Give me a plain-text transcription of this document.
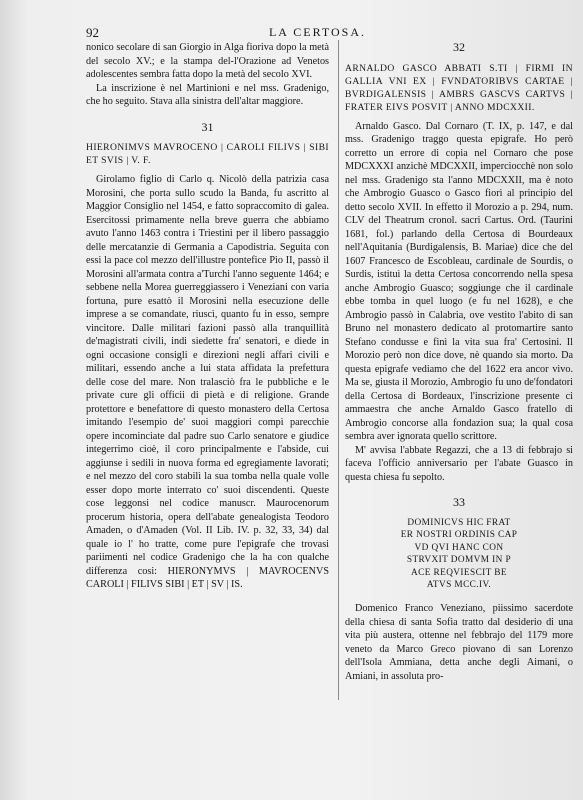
92	LA CERTOSA.

nonico secolare di san Giorgio in Alga fioriva dopo la metà del secolo XV.; e la stampa del-l'Orazione ad Venetos adolescentes sembra fatta dopo la metà del secolo XVI.

La inscrizione è nel Martinioni e nel mss. Gradenigo, che ho seguito. Stava alla sinistra dell'altar maggiore.

31
HIERONIMVS MAVROCENO | CAROLI FILIVS | SIBI ET SVIS | V. F.

Girolamo figlio di Carlo q. Nicolò della patrizia casa Morosini, che porta sullo scudo la Banda, fu ascritto al Maggior Consiglio nel 1454, e fatto sopraccomito di galea. Esercitossi primamente nella breve guerra che abbiamo avuto l'anno 1463 contra i Triestini per il libero passaggio delle mercatanzie di Germania a Capodistria. Seguita con essi la pace col mezzo dell'illustre pontefice Pio II, passò il Morosini all'armata contra a'Turchi l'anno seguente 1464; e sebbene nella Morea guerreggiassero i Veneziani con varia fortuna, pure esattò il Morosini nella esecuzione delle imprese a se comandate, riuscì, quanto fu in esso, sempre vincitore. Dalle militari fazioni passò alla tranquillità de'magistrati civili, indi siedette fra' senatori, e diede in ogni occasione consigli e direzioni negli affari civili e militari, essendo anche a lui stata affidata la prefettura delle cose del mare. Non tralasciò fra le pubbliche e le private cure gli officii di pietà e di religione. Grande protettore e benefattore di questo monastero della Certosa imitando l'esempio de' suoi maggiori compì parecchie opere incominciate dal padre suo Carlo senatore e giudice integerrimo cioè, il coro principalmente e l'abside, cui aggiunse i sedili in nuova forma ed egregiamente lavorati; e nel mezzo del coro stabilì la sua tomba nella quale volle esser dopo morte interrato co' suoi discendenti. Queste cose leggonsi nel codice manuscr. Maurocenorum procerum historia, opera dell'abate genealogista Teodoro Amaden, o d'Amaden (Vol. II Lib. IV. p. 32, 33, 34) dal quale io l' ho tratte, come pure l'epigrafe che trovasi pariimenti nel codice Gradenigo che la ha con qualche differenza cosi: HIERONYMVS | MAVROCENVS CAROLI | FILIVS SIBI | ET | SV | IS.

32
ARNALDO GASCO ABBATI S.TI | FIRMI IN GALLIA VNI EX | FVNDATORIBVS CARTAE | BVRDIGALENSIS | AMBRS GASCVS CARTVS | FRATER EIVS POSVIT | ANNO MDCXXII.

Arnaldo Gasco. Dal Cornaro (T. IX, p. 147, e dal mss. Gradenigo traggo questa epigrafe. Ho però corretto un errore di copia nel Cornaro che pose MDCXXXI anzichè MDCXXII, imperciocchè non solo nel mss. Gradenigo sta l'anno MDCXXII, ma è noto che Ambrogio Guasco o Gasco fiorì al principio del detto secolo XVII. In effetto il Morozio a p. 294, num. CLV del Theatrum cronol. sacri Cartus. Ord. (Taurini 1681, fol.) parlando della Certosa di Bourdeaux nell'Aquitania (Burdigalensis, B. Mariae) dice che del 1607 Francesco de Escobleau, cardinale de Sourdis, o Surdis, istituì la detta Certosa concorrendo nella spesa anche Ambrogio Guasco; soggiunge che il cardinale ebbe tomba in quel luogo (e fu nel 1628), e che Ambrogio passò in Calabria, ove vestito l'abito di san Bruno nel monastero dedicato al protomartire santo Stefano condusse e finì la vita sua fra' Certosini. Il Morozio però non dice dove, nè quando sia morto. Da questa epigrafe vediamo che del 1622 era ancor vivo. Ma se, giusta il Morozio, Ambrogio fu uno de'fondatori della Certosa di Bordeaux, l'inscrizione presente ci ammaestra che anche Arnaldo Gasco fratello di Ambrogio concorse alla fondazion sua; la qual cosa sembra aver ignorata quello scrittore.

M' avvisa l'abbate Regazzi, che a 13 di febbrajo si faceva l'officio anniversario per l'abate Guasco in questa chiesa fu sepolto.

33
DOMINICVS HIC FRAT
ER NOSTRI ORDINIS CAP
VD QVI HANC CON
STRVXIT DOMVM IN P
ACE REQVIESCIT BE
ATVS MCC.IV.

Domenico Franco Veneziano, piissimo sacerdote della chiesa di santa Sofia tratto dal desiderio di una vita più austera, ottenne nel febbrajo del 1179 more veneto da Marco Greco piovano di san Lorenzo dell'Isola Ammiana, detta anche degli Aimani, o Amiani, in assoluta pro-
